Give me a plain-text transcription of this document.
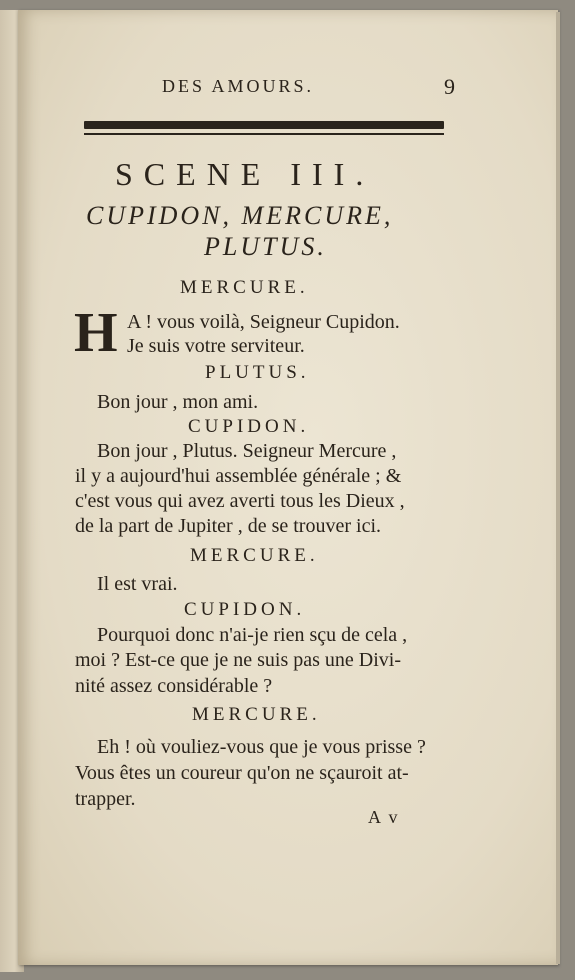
DES AMOURS.	9
SCENE III.
CUPIDON, MERCURE,
PLUTUS.
MERCURE.
H A ! vous voilà, Seigneur Cupidon.
Je suis votre serviteur.
PLUTUS.
Bon jour , mon ami.
CUPIDON.
Bon jour , Plutus. Seigneur Mercure ,
il y a aujourd'hui assemblée générale ; &
c'est vous qui avez averti tous les Dieux ,
de la part de Jupiter , de se trouver ici.
MERCURE.
Il est vrai.
CUPIDON.
Pourquoi donc n'ai-je rien sçu de cela ,
moi ? Est-ce que je ne suis pas une Divi-
nité assez considérable ?
MERCURE.
Eh ! où vouliez-vous que je vous prisse ?
Vous êtes un coureur qu'on ne sçauroit at-
trapper.
A v
